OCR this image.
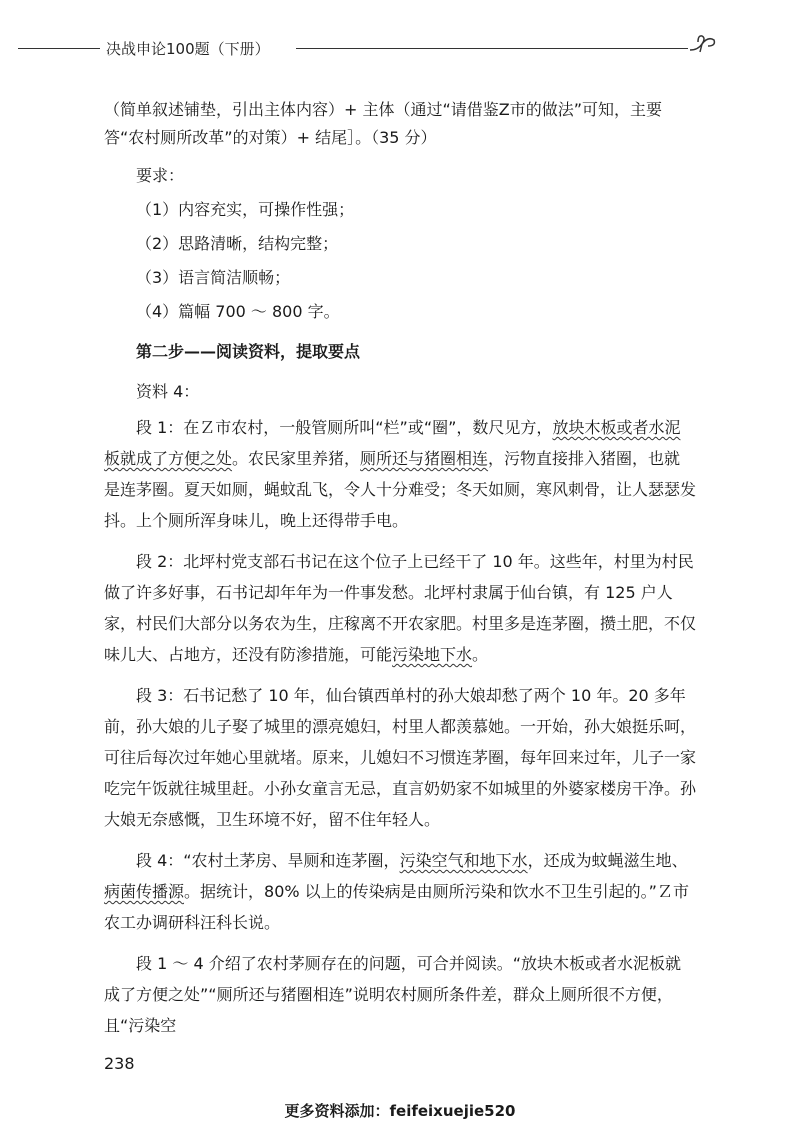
决战申论100题（下册）

（简单叙述铺垫，引出主体内容）+ 主体（通过“请借鉴Z市的做法”可知，主要答“农村厕所改革”的对策）+ 结尾］。（35 分）

要求：

（1）内容充实，可操作性强；

（2）思路清晰，结构完整；

（3）语言简洁顺畅；

（4）篇幅 700 ～ 800 字。

第二步——阅读资料，提取要点

资料 4：

段 1：在Ｚ市农村，一般管厕所叫“栏”或“圈”，数尺见方，放块木板或者水泥板就成了方便之处。农民家里养猪，厕所还与猪圈相连，污物直接排入猪圈，也就是连茅圈。夏天如厕，蝇蚊乱飞，令人十分难受；冬天如厕，寒风刺骨，让人瑟瑟发抖。上个厕所浑身味儿，晚上还得带手电。

段 2：北坪村党支部石书记在这个位子上已经干了 10 年。这些年，村里为村民做了许多好事，石书记却年年为一件事发愁。北坪村隶属于仙台镇，有 125 户人家，村民们大部分以务农为生，庄稼离不开农家肥。村里多是连茅圈，攒土肥，不仅味儿大、占地方，还没有防渗措施，可能污染地下水。

段 3：石书记愁了 10 年，仙台镇西单村的孙大娘却愁了两个 10 年。20 多年前，孙大娘的儿子娶了城里的漂亮媳妇，村里人都羡慕她。一开始，孙大娘挺乐呵，可往后每次过年她心里就堵。原来，儿媳妇不习惯连茅圈，每年回来过年，儿子一家吃完午饭就往城里赶。小孙女童言无忌，直言奶奶家不如城里的外婆家楼房干净。孙大娘无奈感慨，卫生环境不好，留不住年轻人。

段 4：“农村土茅房、旱厕和连茅圈，污染空气和地下水，还成为蚊蝇滋生地、病菌传播源。据统计，80% 以上的传染病是由厕所污染和饮水不卫生引起的。”Ｚ市农工办调研科汪科长说。

段 1 ～ 4 介绍了农村茅厕存在的问题，可合并阅读。“放块木板或者水泥板就成了方便之处”“厕所还与猪圈相连”说明农村厕所条件差，群众上厕所很不方便，且“污染空

238
更多资料添加：feifeixuejie520
